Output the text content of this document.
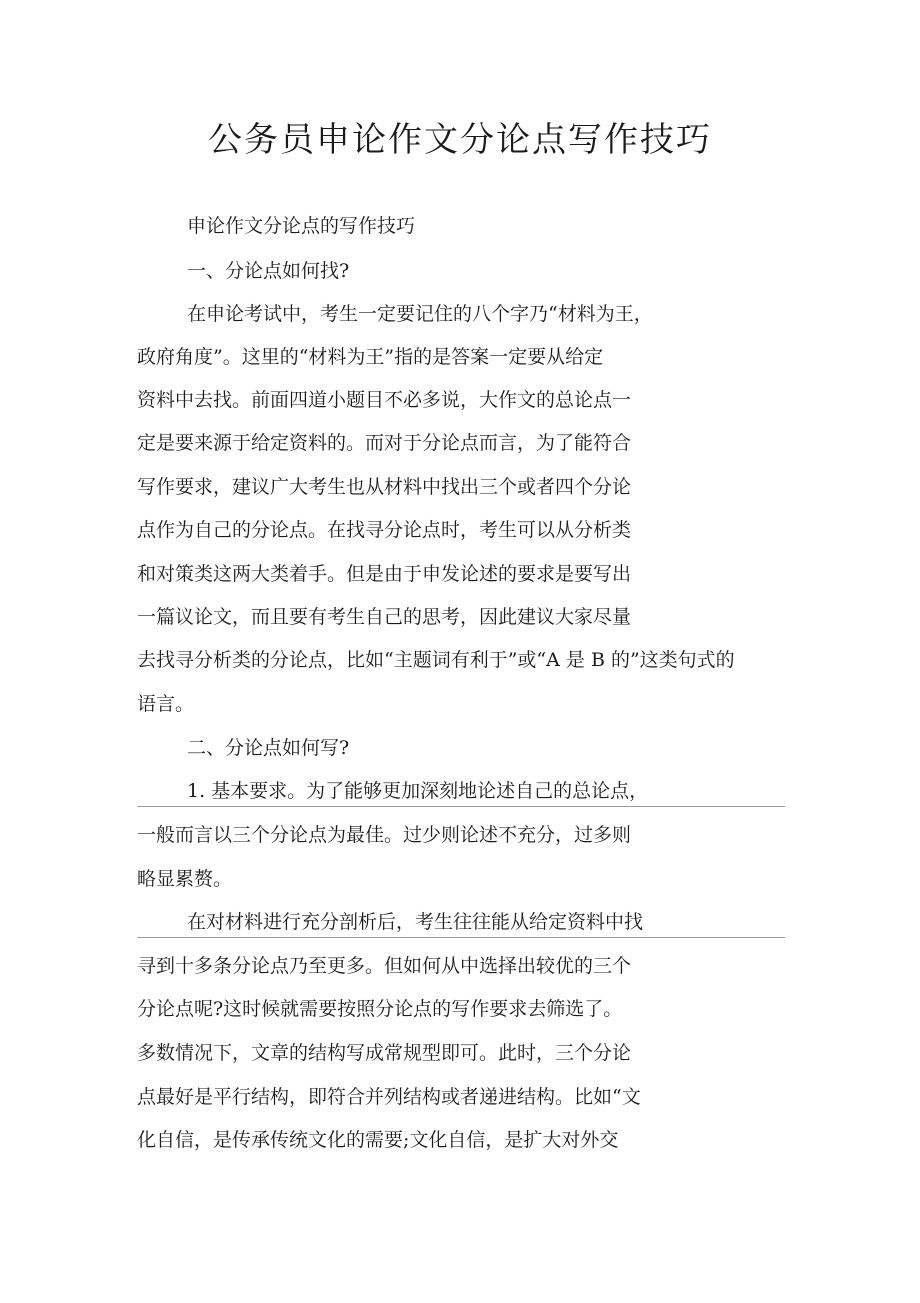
公务员申论作文分论点写作技巧

申论作文分论点的写作技巧

一、分论点如何找?

在申论考试中，考生一定要记住的八个字乃“材料为王，

政府角度”。这里的“材料为王”指的是答案一定要从给定

资料中去找。前面四道小题目不必多说，大作文的总论点一

定是要来源于给定资料的。而对于分论点而言，为了能符合

写作要求，建议广大考生也从材料中找出三个或者四个分论

点作为自己的分论点。在找寻分论点时，考生可以从分析类

和对策类这两大类着手。但是由于申发论述的要求是要写出

一篇议论文，而且要有考生自己的思考，因此建议大家尽量

去找寻分析类的分论点，比如“主题词有利于”或“A 是 B 的”这类句式的

语言。

二、分论点如何写?

1. 基本要求。为了能够更加深刻地论述自己的总论点，

一般而言以三个分论点为最佳。过少则论述不充分，过多则

略显累赘。

在对材料进行充分剖析后，考生往往能从给定资料中找

寻到十多条分论点乃至更多。但如何从中选择出较优的三个

分论点呢?这时候就需要按照分论点的写作要求去筛选了。

多数情况下，文章的结构写成常规型即可。此时，三个分论

点最好是平行结构，即符合并列结构或者递进结构。比如“文

化自信，是传承传统文化的需要;文化自信，是扩大对外交
